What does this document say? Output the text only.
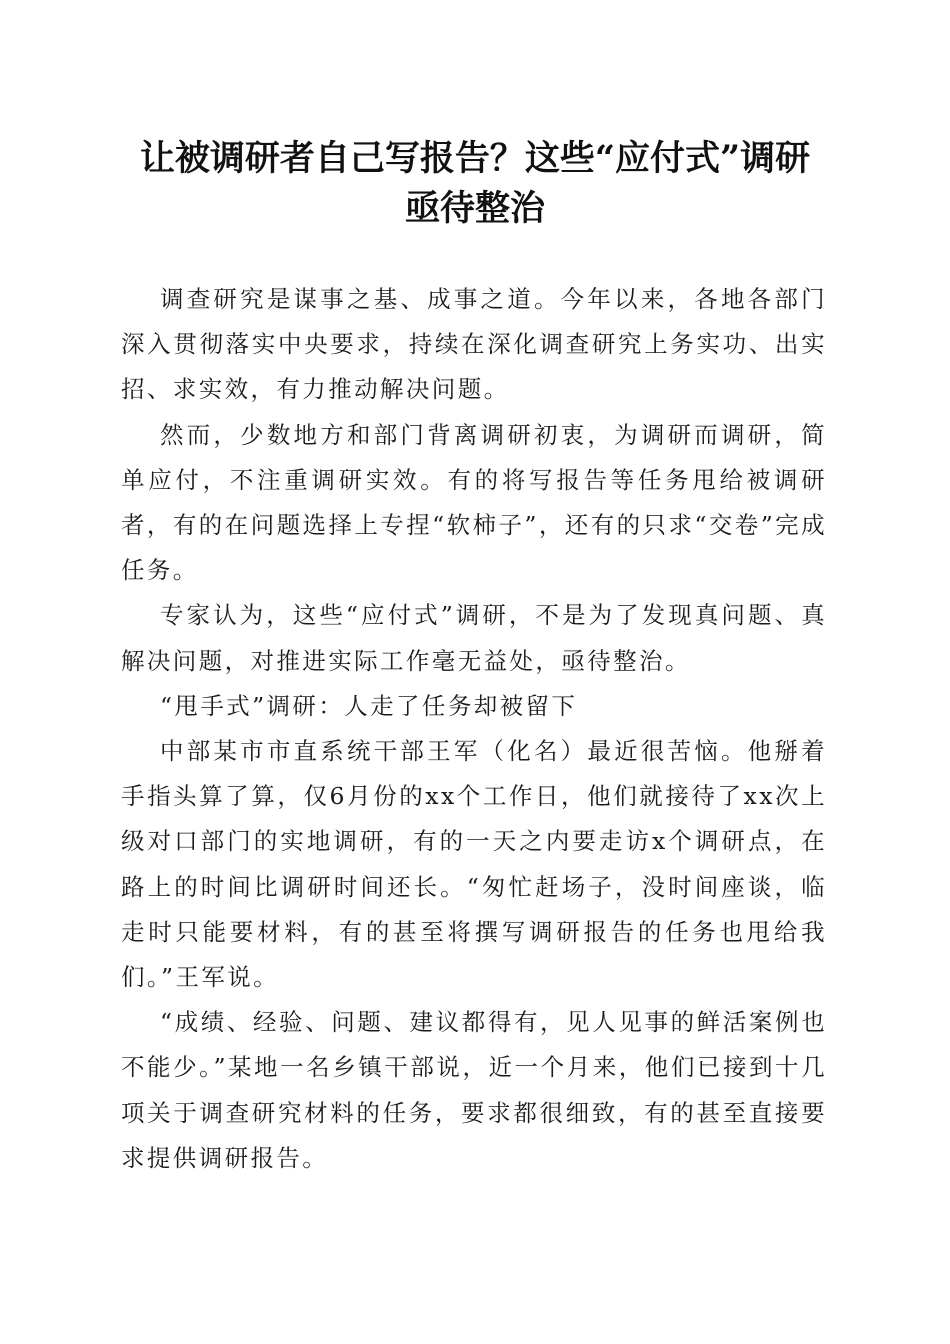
让被调研者自己写报告？这些“应付式”调研
亟待整治

调查研究是谋事之基、成事之道。今年以来，各地各部门深入贯彻落实中央要求，持续在深化调查研究上务实功、出实招、求实效，有力推动解决问题。

然而，少数地方和部门背离调研初衷，为调研而调研，简单应付，不注重调研实效。有的将写报告等任务甩给被调研者，有的在问题选择上专捏“软柿子”，还有的只求“交卷”完成任务。

专家认为，这些“应付式”调研，不是为了发现真问题、真解决问题，对推进实际工作毫无益处，亟待整治。

“甩手式”调研：人走了任务却被留下

中部某市市直系统干部王军（化名）最近很苦恼。他掰着手指头算了算，仅6月份的xx个工作日，他们就接待了xx次上级对口部门的实地调研，有的一天之内要走访x个调研点，在路上的时间比调研时间还长。“匆忙赶场子，没时间座谈，临走时只能要材料，有的甚至将撰写调研报告的任务也甩给我们。”王军说。

“成绩、经验、问题、建议都得有，见人见事的鲜活案例也不能少。”某地一名乡镇干部说，近一个月来，他们已接到十几项关于调查研究材料的任务，要求都很细致，有的甚至直接要求提供调研报告。
